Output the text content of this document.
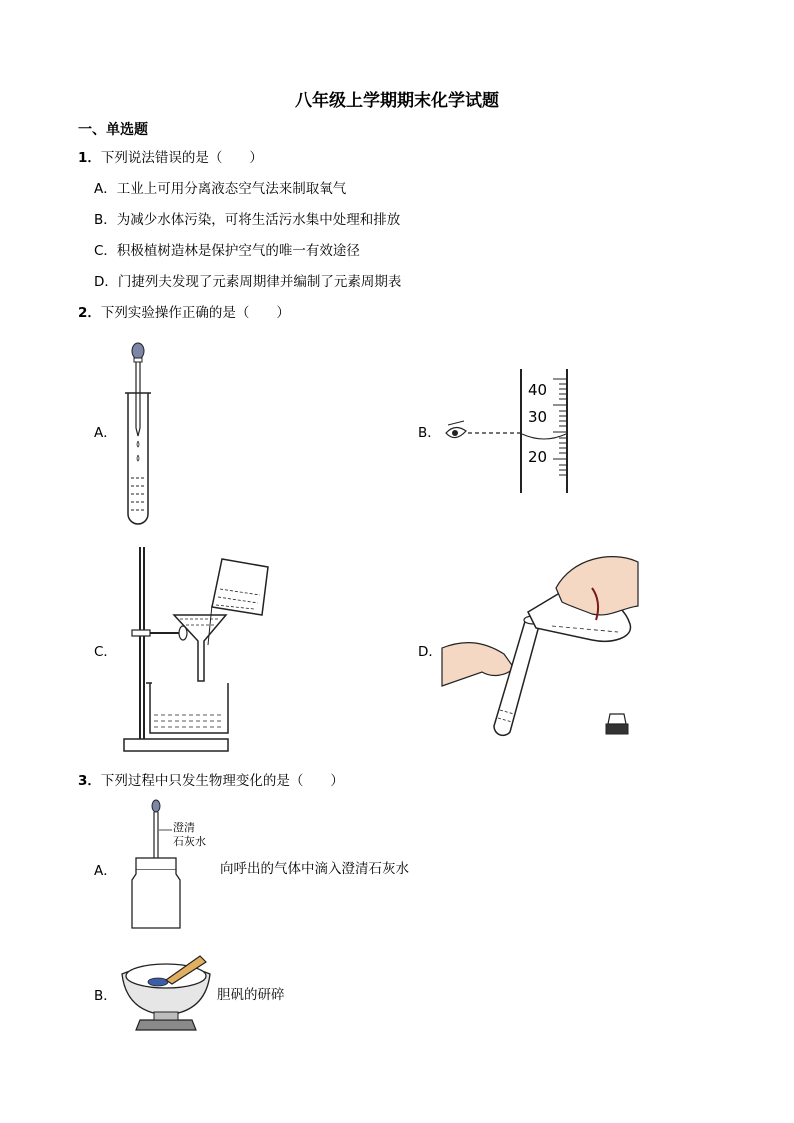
八年级上学期期末化学试题
一、单选题
1．下列说法错误的是（　　）
A．工业上可用分离液态空气法来制取氧气
B．为减少水体污染，可将生活污水集中处理和排放
C．积极植树造林是保护空气的唯一有效途径
D．门捷列夫发现了元素周期律并编制了元素周期表
2．下列实验操作正确的是（　　）
A．	B．
C．	D．
40
30
20
3．下列过程中只发生物理变化的是（　　）
A．
澄清
石灰水
向呼出的气体中滴入澄清石灰水
B．	胆矾的研碎
